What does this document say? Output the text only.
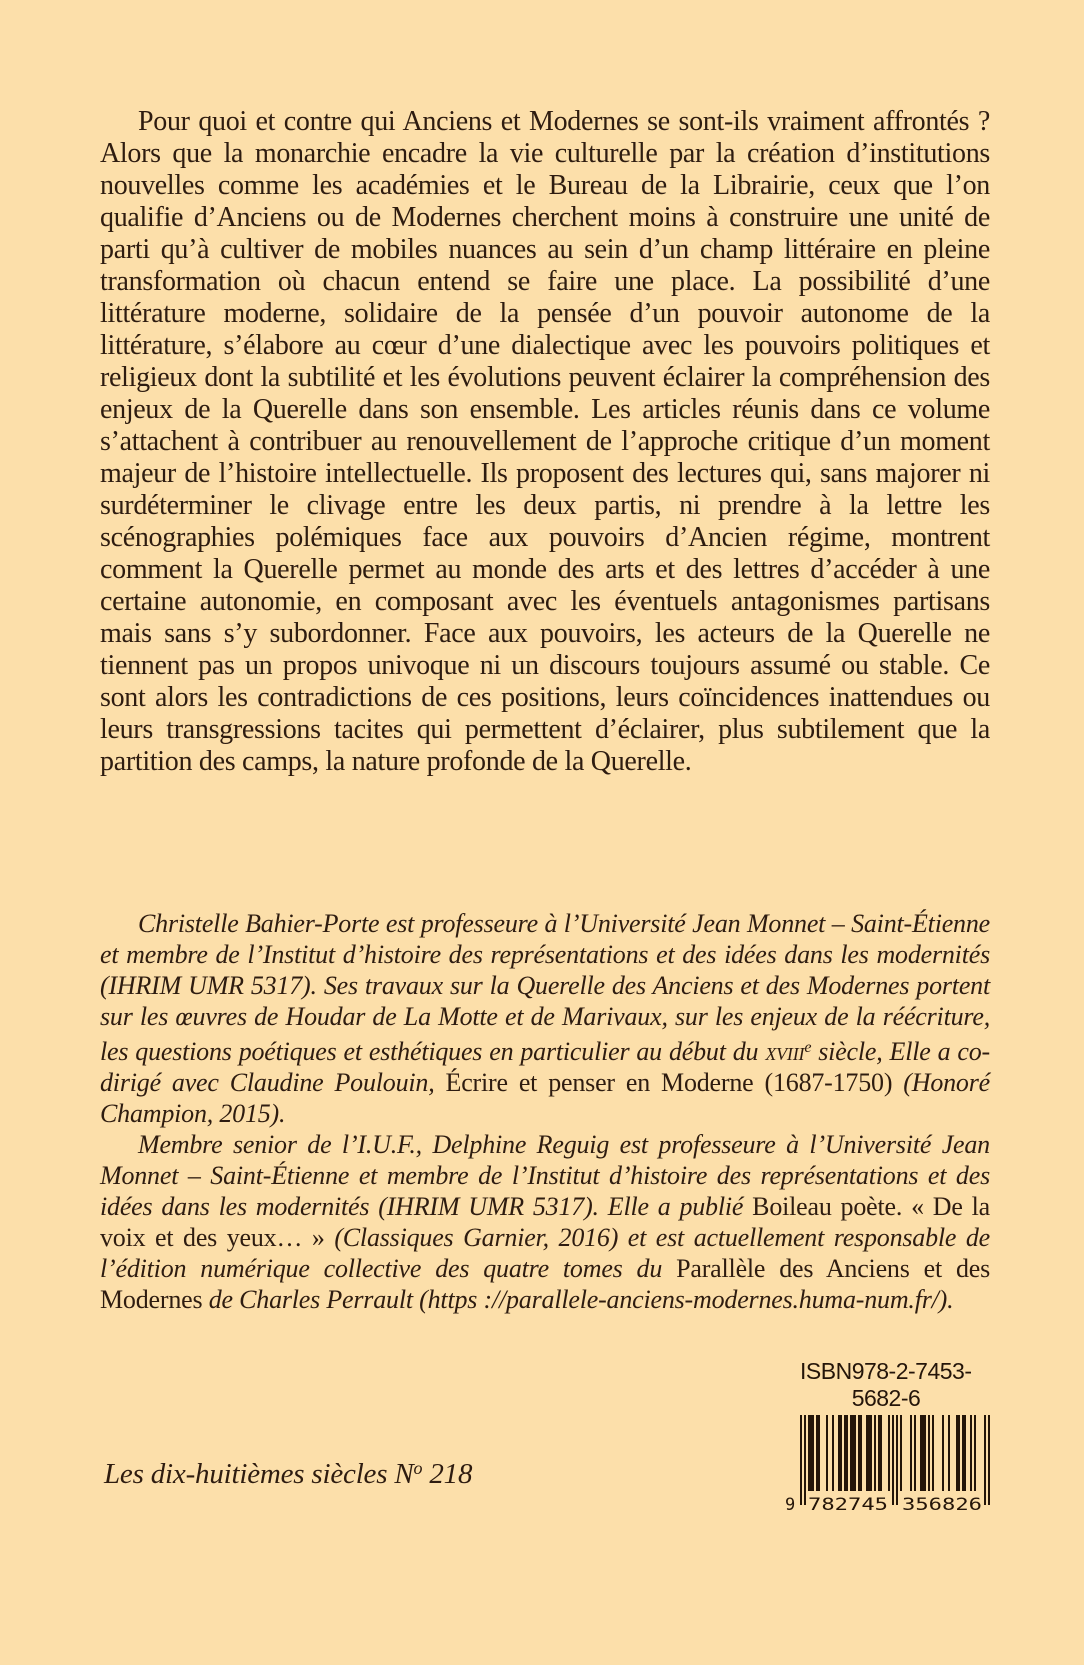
Pour quoi et contre qui Anciens et Modernes se sont-ils vraiment affrontés ? Alors que la monarchie encadre la vie culturelle par la création d’institutions nouvelles comme les académies et le Bureau de la Librairie, ceux que l’on qualifie d’Anciens ou de Modernes cherchent moins à construire une unité de parti qu’à cultiver de mobiles nuances au sein d’un champ littéraire en pleine transformation où chacun entend se faire une place. La possibilité d’une littérature moderne, solidaire de la pensée d’un pouvoir autonome de la littérature, s’élabore au cœur d’une dialectique avec les pouvoirs politiques et religieux dont la subtilité et les évolutions peuvent éclairer la compréhension des enjeux de la Querelle dans son ensemble. Les articles réunis dans ce volume s’attachent à contribuer au renouvellement de l’approche critique d’un moment majeur de l’histoire intellectuelle. Ils proposent des lectures qui, sans majorer ni surdéterminer le clivage entre les deux partis, ni prendre à la lettre les scénographies polémiques face aux pouvoirs d’Ancien régime, montrent comment la Querelle permet au monde des arts et des lettres d’accéder à une certaine autonomie, en composant avec les éventuels antagonismes partisans mais sans s’y subordonner. Face aux pouvoirs, les acteurs de la Querelle ne tiennent pas un propos univoque ni un discours toujours assumé ou stable. Ce sont alors les contradictions de ces positions, leurs coïncidences inattendues ou leurs transgressions tacites qui permettent d’éclairer, plus subtilement que la partition des camps, la nature profonde de la Querelle.

Christelle Bahier-Porte est professeure à l’Université Jean Monnet – Saint-Étienne et membre de l’Institut d’histoire des représentations et des idées dans les modernités (IHRIM UMR 5317). Ses travaux sur la Querelle des Anciens et des Modernes portent sur les œuvres de Houdar de La Motte et de Marivaux, sur les enjeux de la réécriture, les questions poétiques et esthétiques en particulier au début du xviii$^e$ siècle, Elle a co-dirigé avec Claudine Poulouin, Écrire et penser en Moderne (1687-1750) (Honoré Champion, 2015).

Membre senior de l’I.U.F., Delphine Reguig est professeure à l’Université Jean Monnet – Saint-Étienne et membre de l’Institut d’histoire des représentations et des idées dans les modernités (IHRIM UMR 5317). Elle a publié Boileau poète. « De la voix et des yeux… » (Classiques Garnier, 2016) et est actuellement responsable de l’édition numérique collective des quatre tomes du Parallèle des Anciens et des Modernes de Charles Perrault (https ://parallele-anciens-modernes.huma-num.fr/).

ISBN 978-2-7453-5682-6
9 782745 356826

Les dix-huitièmes siècles $N^o$ 218
